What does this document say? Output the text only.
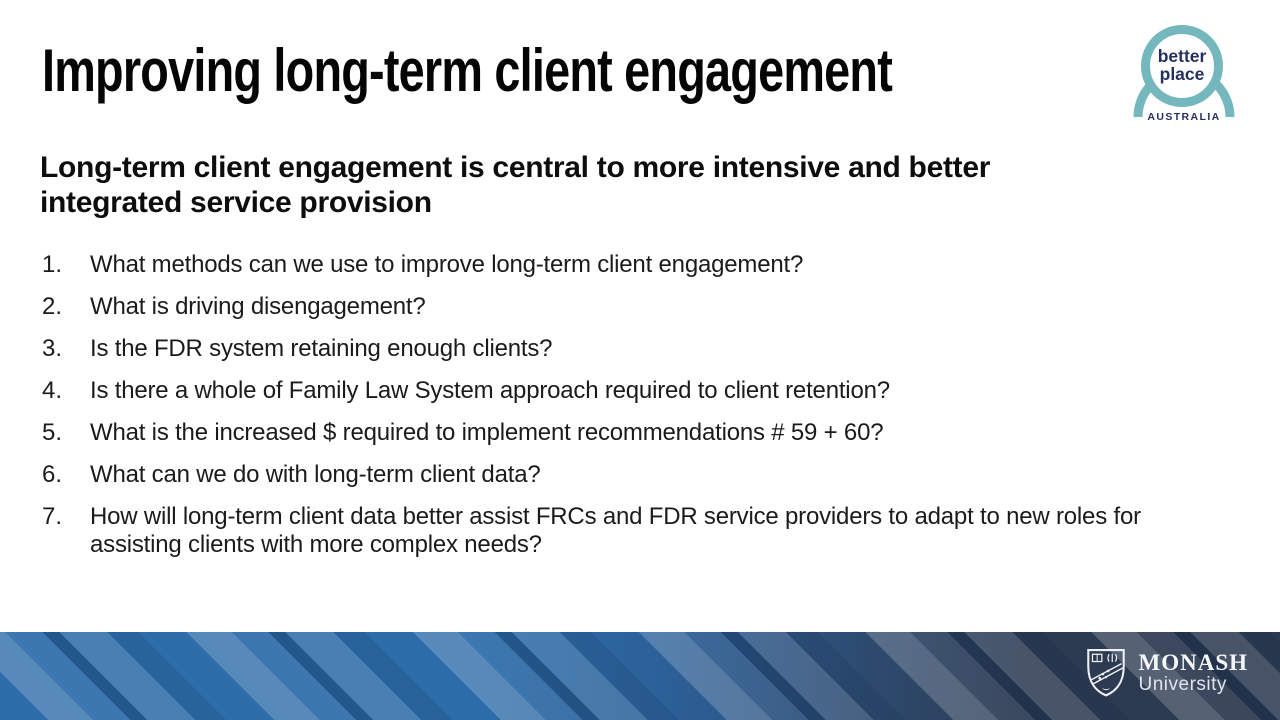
Improving long-term client engagement	better
place
AUSTRALIA
Long-term client engagement is central to more intensive and better integrated service provision
1.	What methods can we use to improve long-term client engagement?
2.	What is driving disengagement?
3.	Is the FDR system retaining enough clients?
4.	Is there a whole of Family Law System approach required to client retention?
5.	What is the increased $ required to implement recommendations # 59 + 60?
6.	What can we do with long-term client data?
7.	How will long-term client data better assist FRCs and FDR service providers to adapt to new roles for assisting clients with more complex needs?
MONASH
University
